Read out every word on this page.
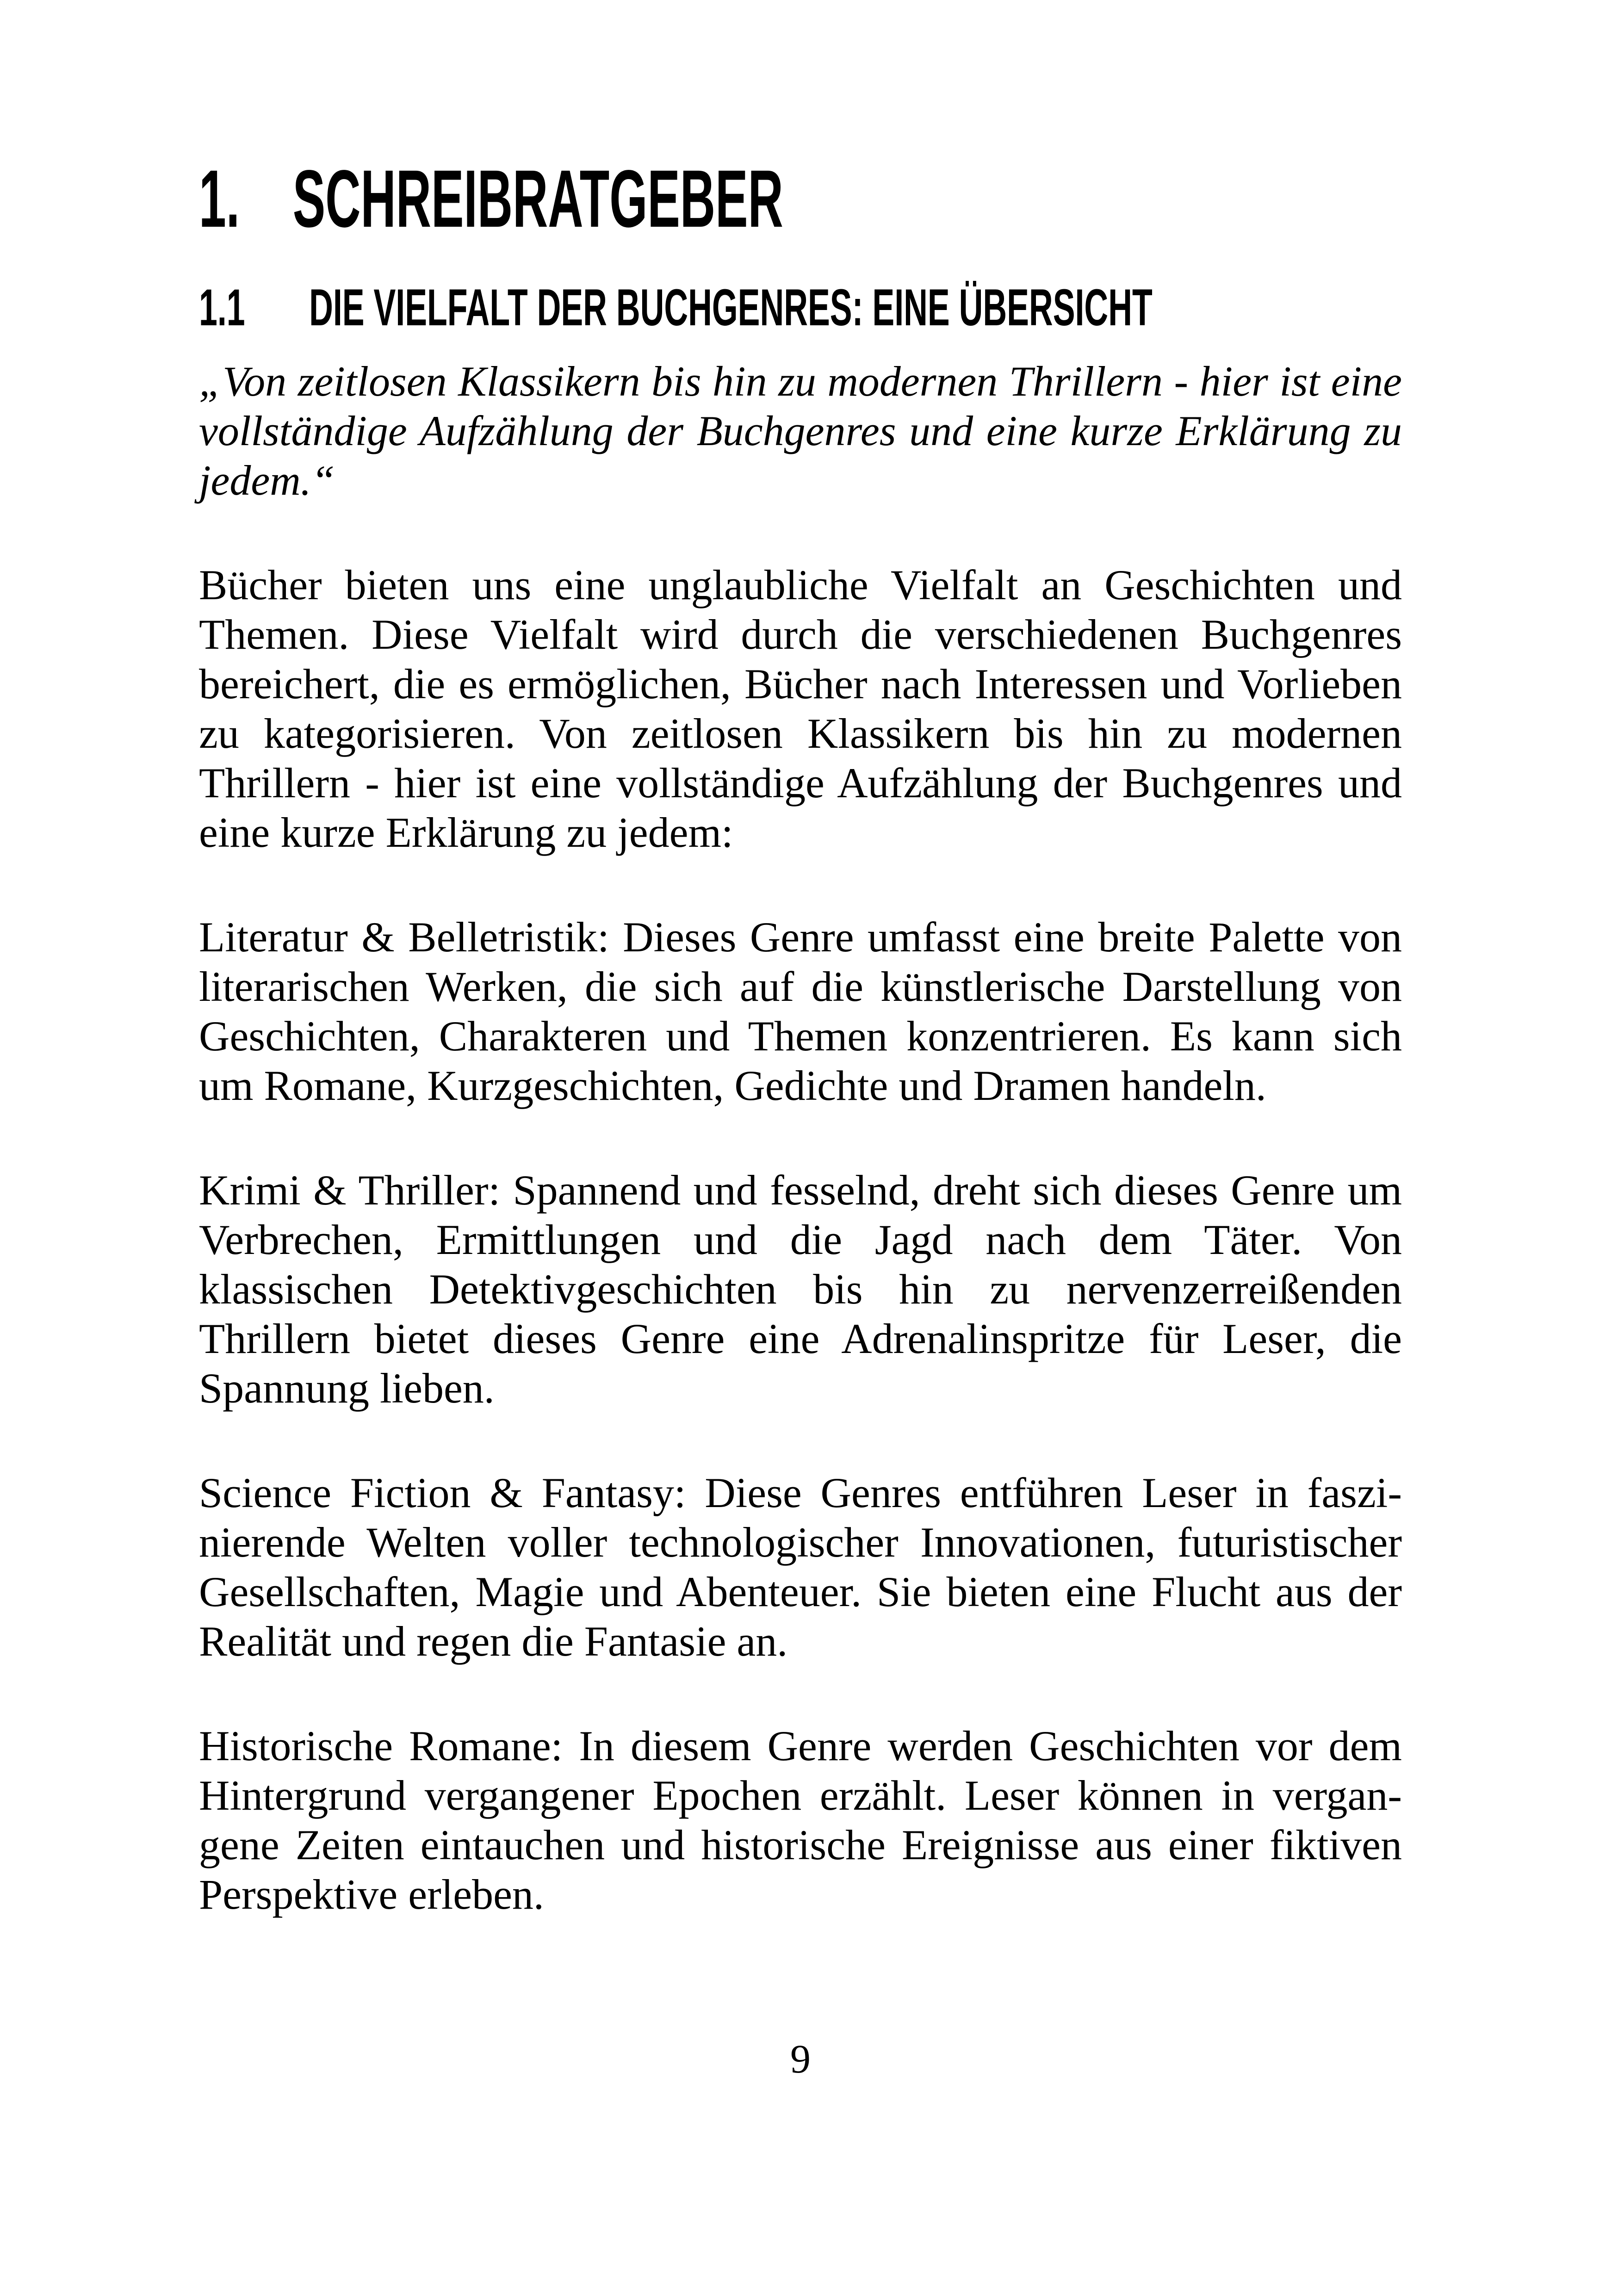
1. SCHREIBRATGEBER
1.1 DIE VIELFALT DER BUCHGENRES: EINE ÜBERSICHT

„Von zeitlosen Klassikern bis hin zu modernen Thrillern - hier ist eine vollständige Aufzählung der Buchgenres und eine kurze Erklärung zu jedem.“

Bücher bieten uns eine unglaubliche Vielfalt an Geschichten und Themen. Diese Vielfalt wird durch die verschiedenen Buchgenres bereichert, die es ermöglichen, Bücher nach Interessen und Vorlieben zu kategorisieren. Von zeitlosen Klassikern bis hin zu modernen Thrillern - hier ist eine vollständige Aufzählung der Buchgenres und eine kurze Erklärung zu jedem:

Literatur & Belletristik: Dieses Genre umfasst eine breite Palette von literarischen Werken, die sich auf die künstlerische Darstellung von Geschichten, Charakteren und Themen konzentrieren. Es kann sich um Romane, Kurzgeschichten, Gedichte und Dramen handeln.

Krimi & Thriller: Spannend und fesselnd, dreht sich dieses Genre um Verbrechen, Ermittlungen und die Jagd nach dem Täter. Von klassischen Detektivgeschichten bis hin zu nervenzerreißenden Thrillern bietet dieses Genre eine Adrenalinspritze für Leser, die Spannung lieben.

Science Fiction & Fantasy: Diese Genres entführen Leser in faszinierende Welten voller technologischer Innovationen, futuristischer Gesellschaften, Magie und Abenteuer. Sie bieten eine Flucht aus der Realität und regen die Fantasie an.

Historische Romane: In diesem Genre werden Geschichten vor dem Hintergrund vergangener Epochen erzählt. Leser können in vergangene Zeiten eintauchen und historische Ereignisse aus einer fiktiven Perspektive erleben.

9
